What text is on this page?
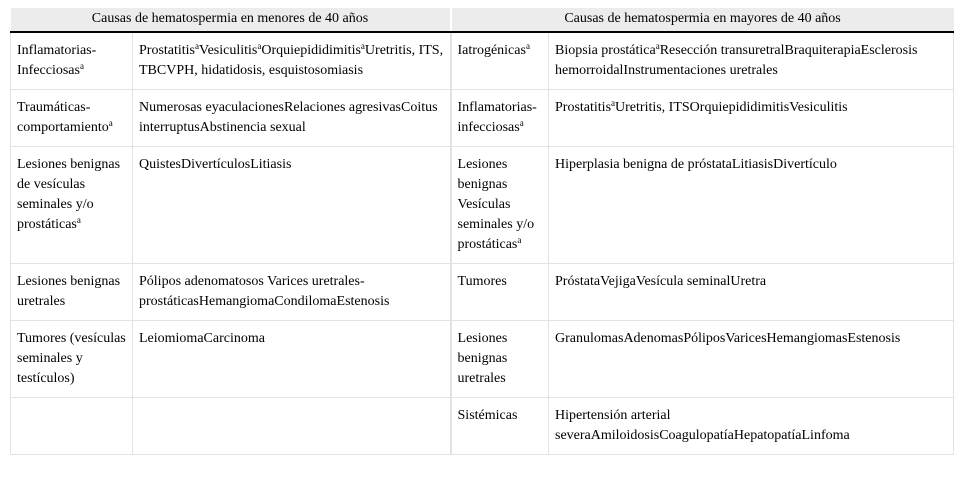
Causas de hematospermia en menores de 40 años		Causas de hematospermia en mayores de 40 años	
Inflamatorias-Infecciosas$^a$	Prostatitis$^a$Vesiculitis$^a$Orquiepididimitis$^a$Uretritis, ITS, TBCVPH, hidatidosis, esquistosomiasis	Iatrogénicas$^a$	Biopsia prostática$^a$Resección transuretralBraquiterapiaEsclerosis hemorroidalInstrumentaciones uretrales
Traumáticas-comportamiento$^a$	Numerosas eyaculacionesRelaciones agresivasCoitus interruptusAbstinencia sexual	Inflamatorias-infecciosas$^a$	Prostatitis$^a$Uretritis, ITSOrquiepididimitisVesiculitis
Lesiones benignas de vesículas seminales y/o prostáticas$^a$	QuistesDivertículosLitiasis	Lesiones benignas Vesículas seminales y/o prostáticas$^a$	Hiperplasia benigna de próstataLitiasisDivertículo
Lesiones benignas uretrales	Pólipos adenomatosos Varices uretrales-prostáticasHemangiomaCondilomaEstenosis	Tumores	PróstataVejigaVesícula seminalUretra
Tumores (vesículas seminales y testículos)	LeiomiomaCarcinoma	Lesiones benignas uretrales	GranulomasAdenomasPóliposVaricesHemangiomasEstenosis
		Sistémicas	Hipertensión arterial severaAmiloidosisCoagulopatíaHepatopatíaLinfoma
